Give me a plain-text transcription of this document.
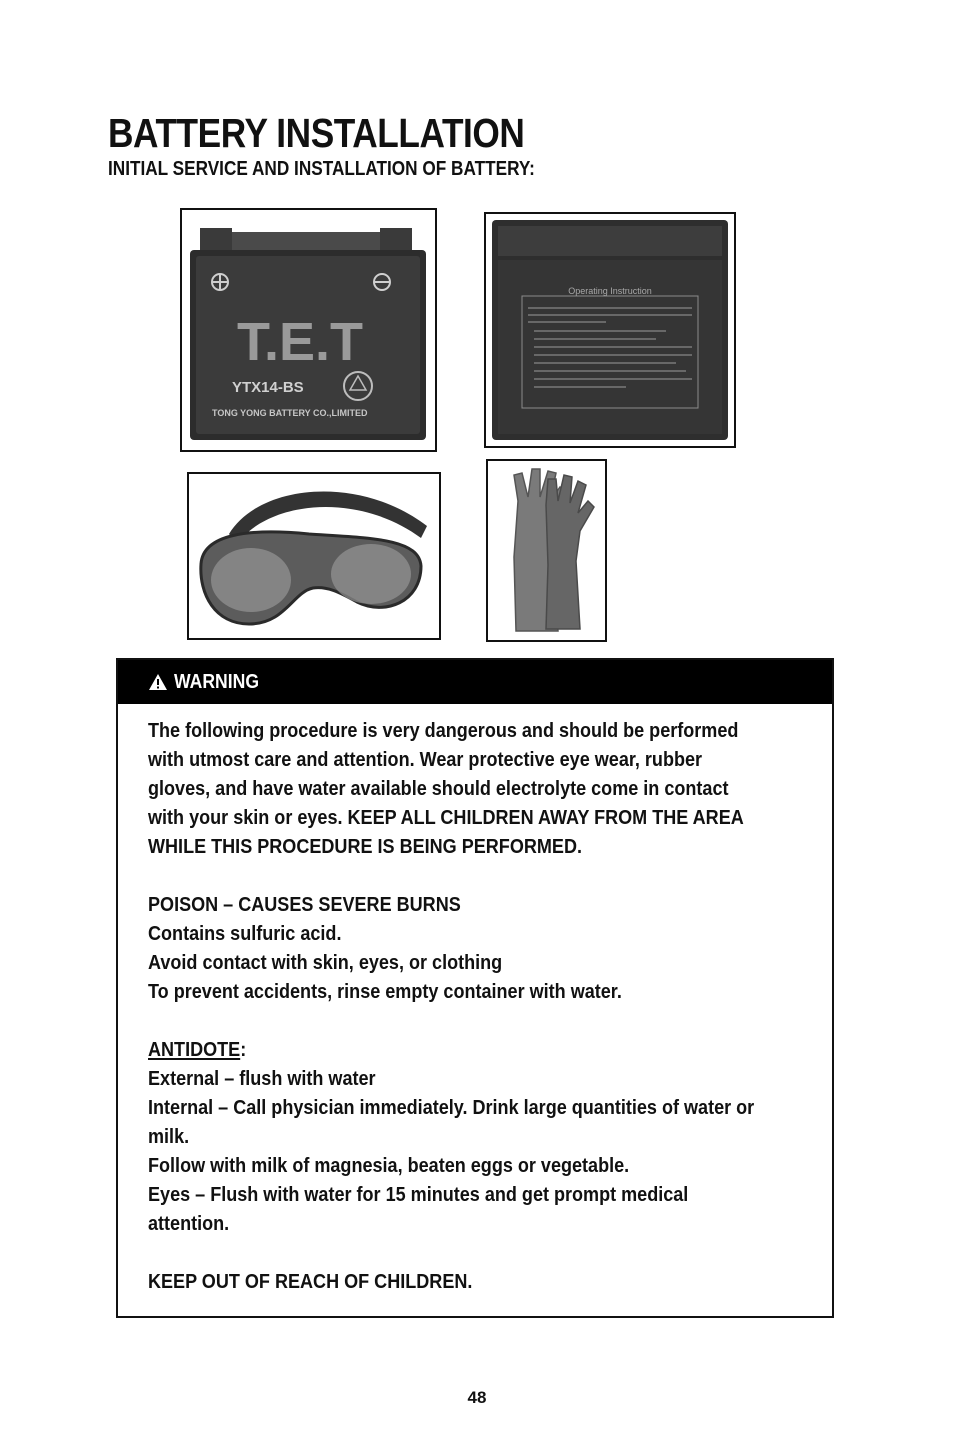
BATTERY INSTALLATION
INITIAL SERVICE AND INSTALLATION OF BATTERY:
T.E.T
YTX14-BS
TONG YONG BATTERY CO.,LIMITED
Operating Instruction
WARNING
The following procedure is very dangerous and should be performed
with utmost care and attention. Wear protective eye wear, rubber
gloves, and have water available should electrolyte come in contact
with your skin or eyes. KEEP ALL CHILDREN AWAY FROM THE AREA
WHILE THIS PROCEDURE IS BEING PERFORMED.
POISON – CAUSES SEVERE BURNS
Contains sulfuric acid.
Avoid contact with skin, eyes, or clothing
To prevent accidents, rinse empty container with water.
ANTIDOTE:
External – flush with water
Internal – Call physician immediately. Drink large quantities of water or
milk.
Follow with milk of magnesia, beaten eggs or vegetable.
Eyes – Flush with water for 15 minutes and get prompt medical
attention.
KEEP OUT OF REACH OF CHILDREN.
48
